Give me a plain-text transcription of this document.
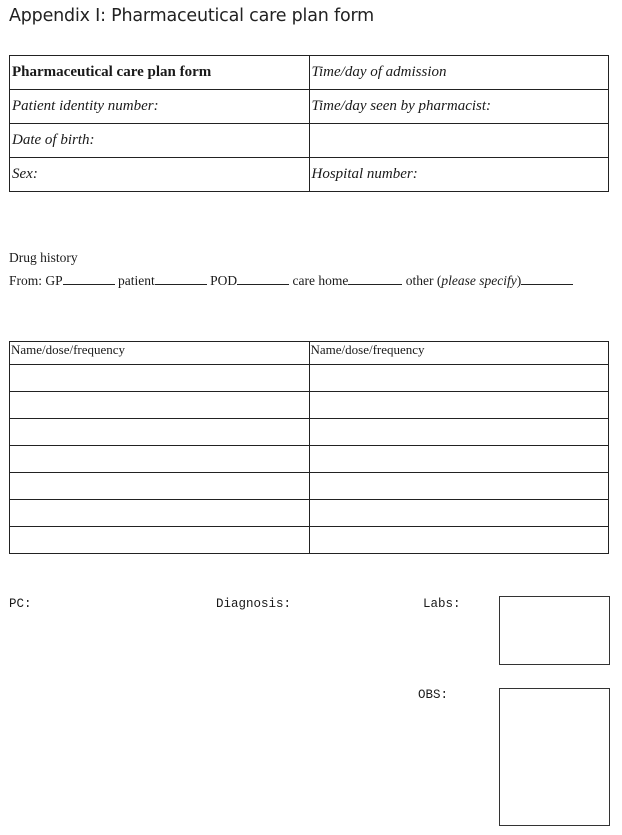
Appendix I: Pharmaceutical care plan form
Pharmaceutical care plan form	Time/day of admission
Patient identity number:	Time/day seen by pharmacist:
Date of birth:	
Sex:	Hospital number:
Drug history
From: GP	patient	POD	care home	other (please specify)
Name/dose/frequency	Name/dose/frequency

PC:	Diagnosis:	Labs:
OBS:
